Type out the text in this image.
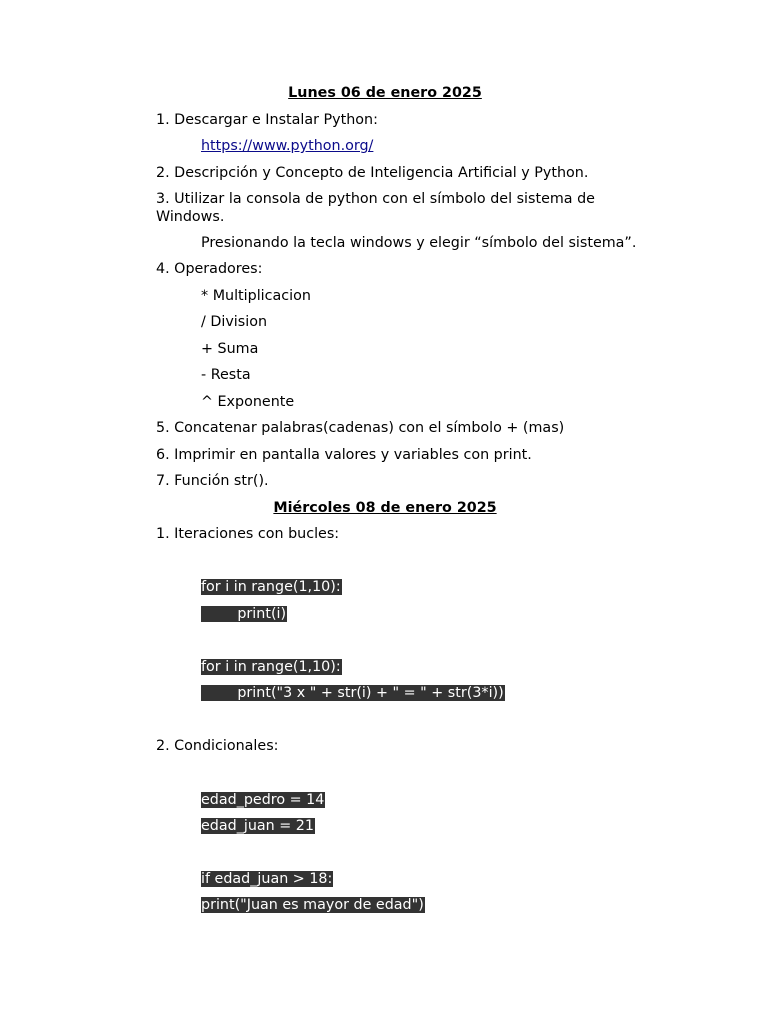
Lunes 06 de enero 2025
1. Descargar e Instalar Python:
https://www.python.org/
2. Descripción y Concepto de Inteligencia Artificial y Python.
3. Utilizar la consola de python con el símbolo del sistema de Windows.
Presionando la tecla windows y elegir “símbolo del sistema”.
4. Operadores:
* Multiplicacion
/ Division
+ Suma
- Resta
^ Exponente
5. Concatenar palabras(cadenas) con el símbolo + (mas)
6. Imprimir en pantalla valores y variables con print.
7. Función str().
Miércoles 08 de enero 2025
1. Iteraciones con bucles:
for i in range(1,10):
print(i)
for i in range(1,10):
print("3 x " + str(i) + " = " + str(3*i))
2. Condicionales:
edad_pedro = 14
edad_juan = 21
if edad_juan > 18:
print("Juan es mayor de edad")
